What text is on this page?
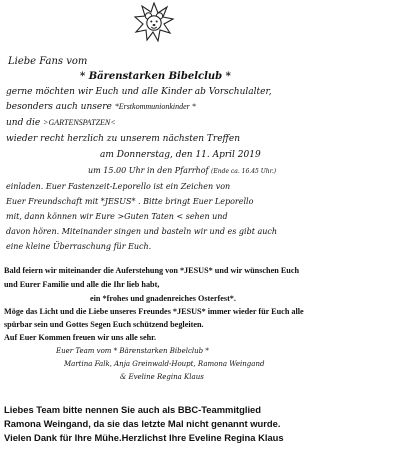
Liebe Fans vom
* Bärenstarken Bibelclub *
gerne möchten wir Euch und alle Kinder ab Vorschulalter,
besonders auch unsere *Erstkommunionkinder *
und die >GARTENSPATZEN<
wieder recht herzlich zu unserem nächsten Treffen
am Donnerstag, den 11. April 2019
um 15.00 Uhr in den Pfarrhof (Ende ca. 16.45 Uhr.)
einladen. Euer Fastenzeit-Leporello ist ein Zeichen von
Euer Freundschaft mit *JESUS* . Bitte bringt Euer Leporello
mit, dann können wir Eure >Guten Taten < sehen und
davon hören. Miteinander singen und basteln wir und es gibt auch
eine kleine Überraschung für Euch.
Bald feiern wir miteinander die Auferstehung von *JESUS* und wir wünschen Euch
und Eurer Familie und alle die Ihr lieb habt,
ein *frohes und gnadenreiches Osterfest*.
Möge das Licht und die Liebe unseres Freundes *JESUS* immer wieder für Euch alle
spürbar sein und Gottes Segen Euch schützend begleiten.
Auf Euer Kommen freuen wir uns alle sehr.
Euer Team vom * Bärenstarken Bibelclub *
Martina Falk, Anja Greinwald-Houpt, Ramona Weingand
& Eveline Regina Klaus
Liebes Team bitte nennen Sie auch als BBC-Teammitglied
Ramona Weingand, da sie das letzte Mal nicht genannt wurde.
Vielen Dank für Ihre Mühe.Herzlichst Ihre Eveline Regina Klaus
